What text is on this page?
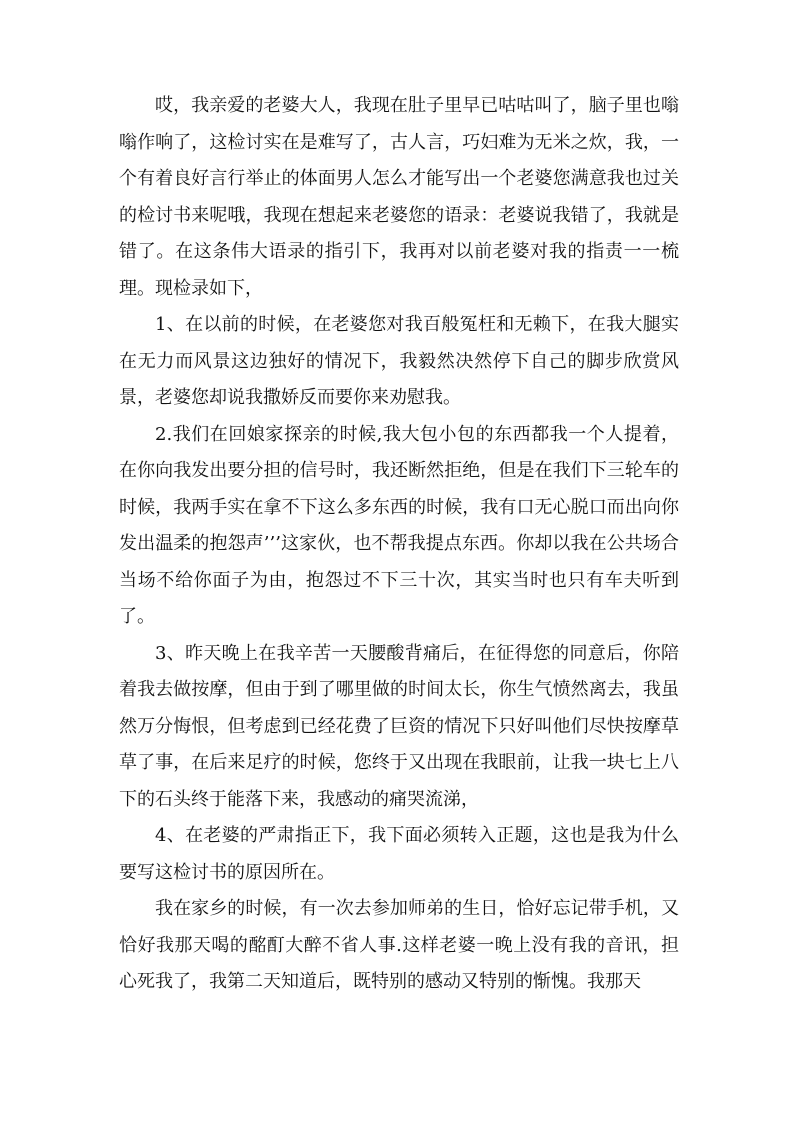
哎，我亲爱的老婆大人，我现在肚子里早已咕咕叫了，脑子里也嗡嗡作响了，这检讨实在是难写了，古人言，巧妇难为无米之炊，我，一个有着良好言行举止的体面男人怎么才能写出一个老婆您满意我也过关的检讨书来呢哦，我现在想起来老婆您的语录：老婆说我错了，我就是错了。在这条伟大语录的指引下，我再对以前老婆对我的指责一一梳理。现检录如下，

1、在以前的时候，在老婆您对我百般冤枉和无赖下，在我大腿实在无力而风景这边独好的情况下，我毅然决然停下自己的脚步欣赏风景，老婆您却说我撒娇反而要你来劝慰我。

2.我们在回娘家探亲的时候,我大包小包的东西都我一个人提着，在你向我发出要分担的信号时，我还断然拒绝，但是在我们下三轮车的时候，我两手实在拿不下这么多东西的时候，我有口无心脱口而出向你发出温柔的抱怨声’’’这家伙，也不帮我提点东西。你却以我在公共场合当场不给你面子为由，抱怨过不下三十次，其实当时也只有车夫听到了。

3、昨天晚上在我辛苦一天腰酸背痛后，在征得您的同意后，你陪着我去做按摩，但由于到了哪里做的时间太长，你生气愤然离去，我虽然万分悔恨，但考虑到已经花费了巨资的情况下只好叫他们尽快按摩草草了事，在后来足疗的时候，您终于又出现在我眼前，让我一块七上八下的石头终于能落下来，我感动的痛哭流涕，

4、在老婆的严肃指正下，我下面必须转入正题，这也是我为什么要写这检讨书的原因所在。

我在家乡的时候，有一次去参加师弟的生日，恰好忘记带手机，又恰好我那天喝的酩酊大醉不省人事.这样老婆一晚上没有我的音讯，担心死我了，我第二天知道后，既特别的感动又特别的惭愧。我那天
